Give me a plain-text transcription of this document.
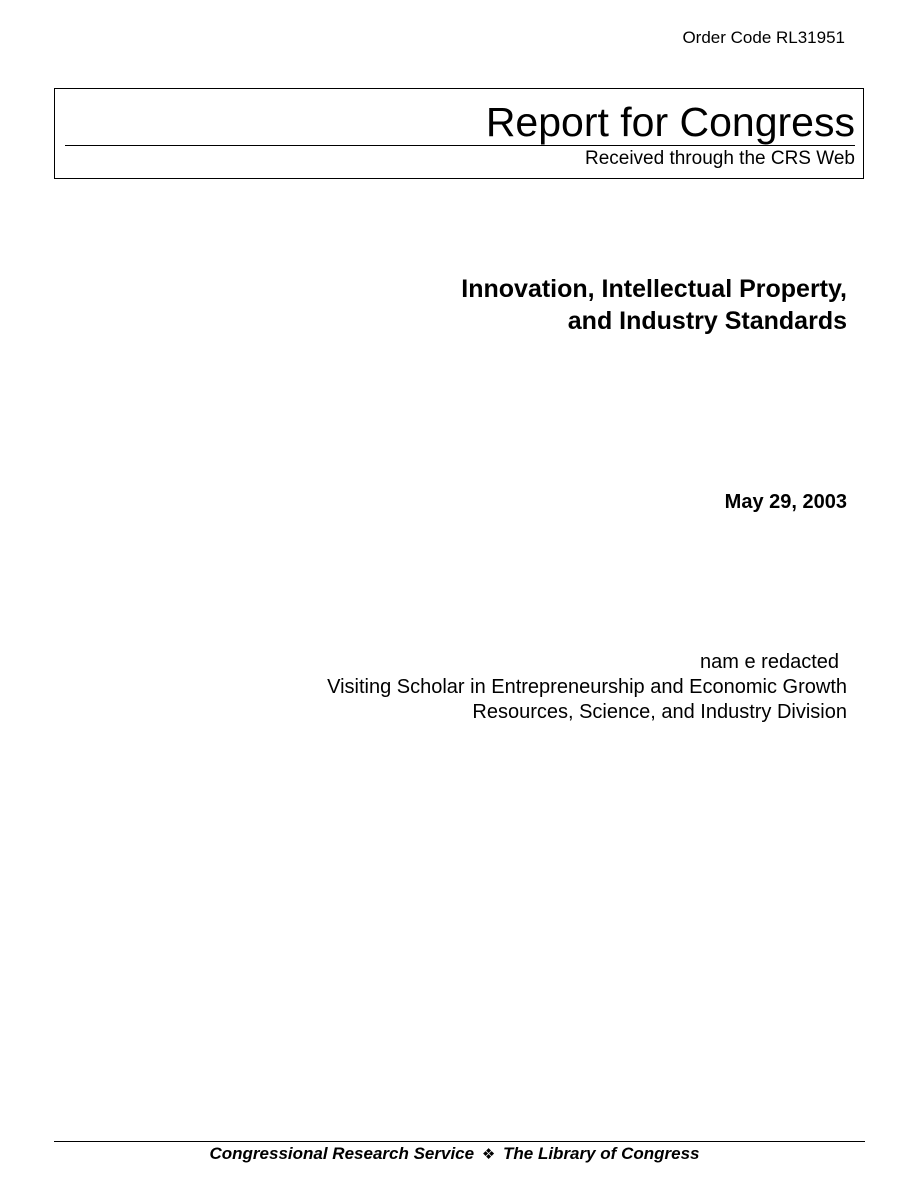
Order Code RL31951
Report for Congress
Received through the CRS Web
Innovation, Intellectual Property,
and Industry Standards
May 29, 2003
nam e redacted
Visiting Scholar in Entrepreneurship and Economic Growth
Resources, Science, and Industry Division
Congressional Research Service ❖ The Library of Congress
